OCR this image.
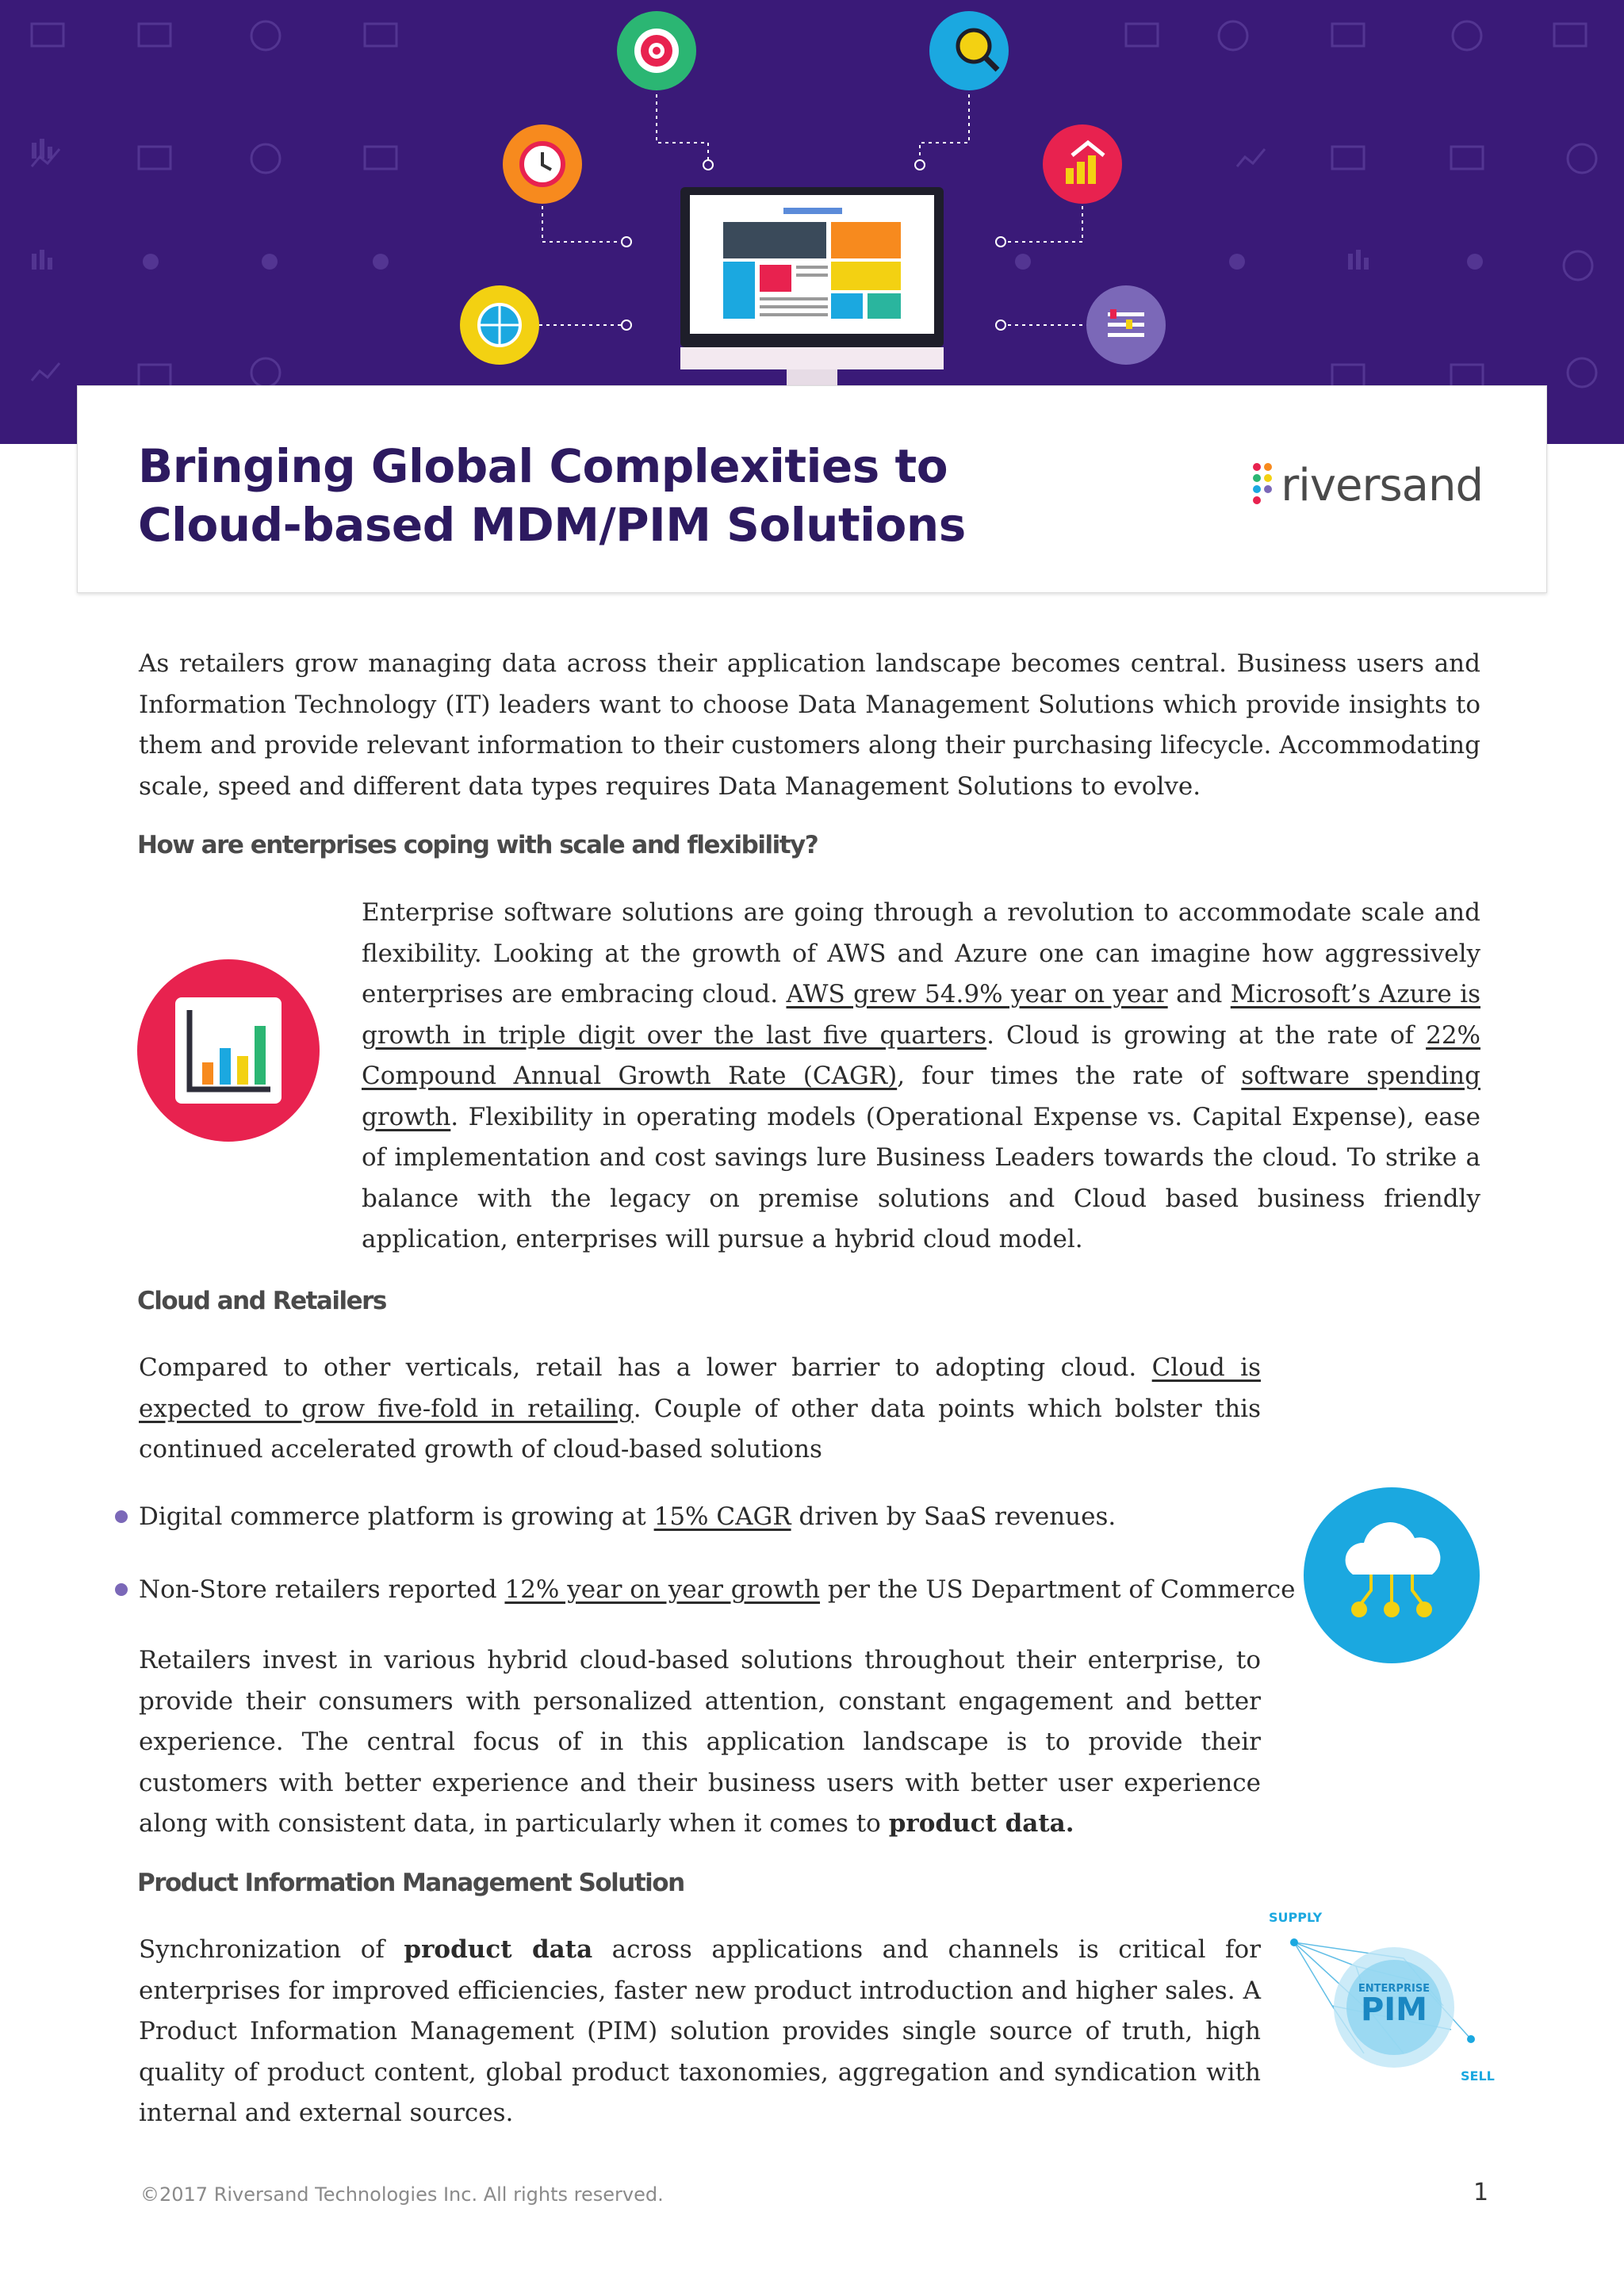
Bringing Global Complexities to
Cloud-based MDM/PIM Solutions
riversand

As retailers grow managing data across their application landscape becomes central. Business users and Information Technology (IT) leaders want to choose Data Management Solutions which provide insights to them and provide relevant information to their customers along their purchasing lifecycle. Accommodating scale, speed and different data types requires Data Management Solutions to evolve.

How are enterprises coping with scale and flexibility?

Enterprise software solutions are going through a revolution to accommodate scale and flexibility. Looking at the growth of AWS and Azure one can imagine how aggressively enterprises are embracing cloud. AWS grew 54.9% year on year and Microsoft’s Azure is growth in triple digit over the last five quarters. Cloud is growing at the rate of 22% Compound Annual Growth Rate (CAGR), four times the rate of software spending growth. Flexibility in operating models (Operational Expense vs. Capital Expense), ease of implementation and cost savings lure Business Leaders towards the cloud. To strike a balance with the legacy on premise solutions and Cloud based business friendly application, enterprises will pursue a hybrid cloud model.

Cloud and Retailers

Compared to other verticals, retail has a lower barrier to adopting cloud. Cloud is expected to grow five-fold in retailing. Couple of other data points which bolster this continued accelerated growth of cloud-based solutions

Digital commerce platform is growing at 15% CAGR driven by SaaS revenues.
Non-Store retailers reported 12% year on year growth per the US Department of Commerce

Retailers invest in various hybrid cloud-based solutions throughout their enterprise, to provide their consumers with personalized attention, constant engagement and better experience. The central focus of in this application landscape is to provide their customers with better experience and their business users with better user experience along with consistent data, in particularly when it comes to product data.

Product Information Management Solution

Synchronization of product data across applications and channels is critical for enterprises for improved efficiencies, faster new product introduction and higher sales. A Product Information Management (PIM) solution provides single source of truth, high quality of product content, global product taxonomies, aggregation and syndication with internal and external sources.

SUPPLY
ENTERPRISE
PIM
SELL
©2017 Riversand Technologies Inc. All rights reserved.	1
